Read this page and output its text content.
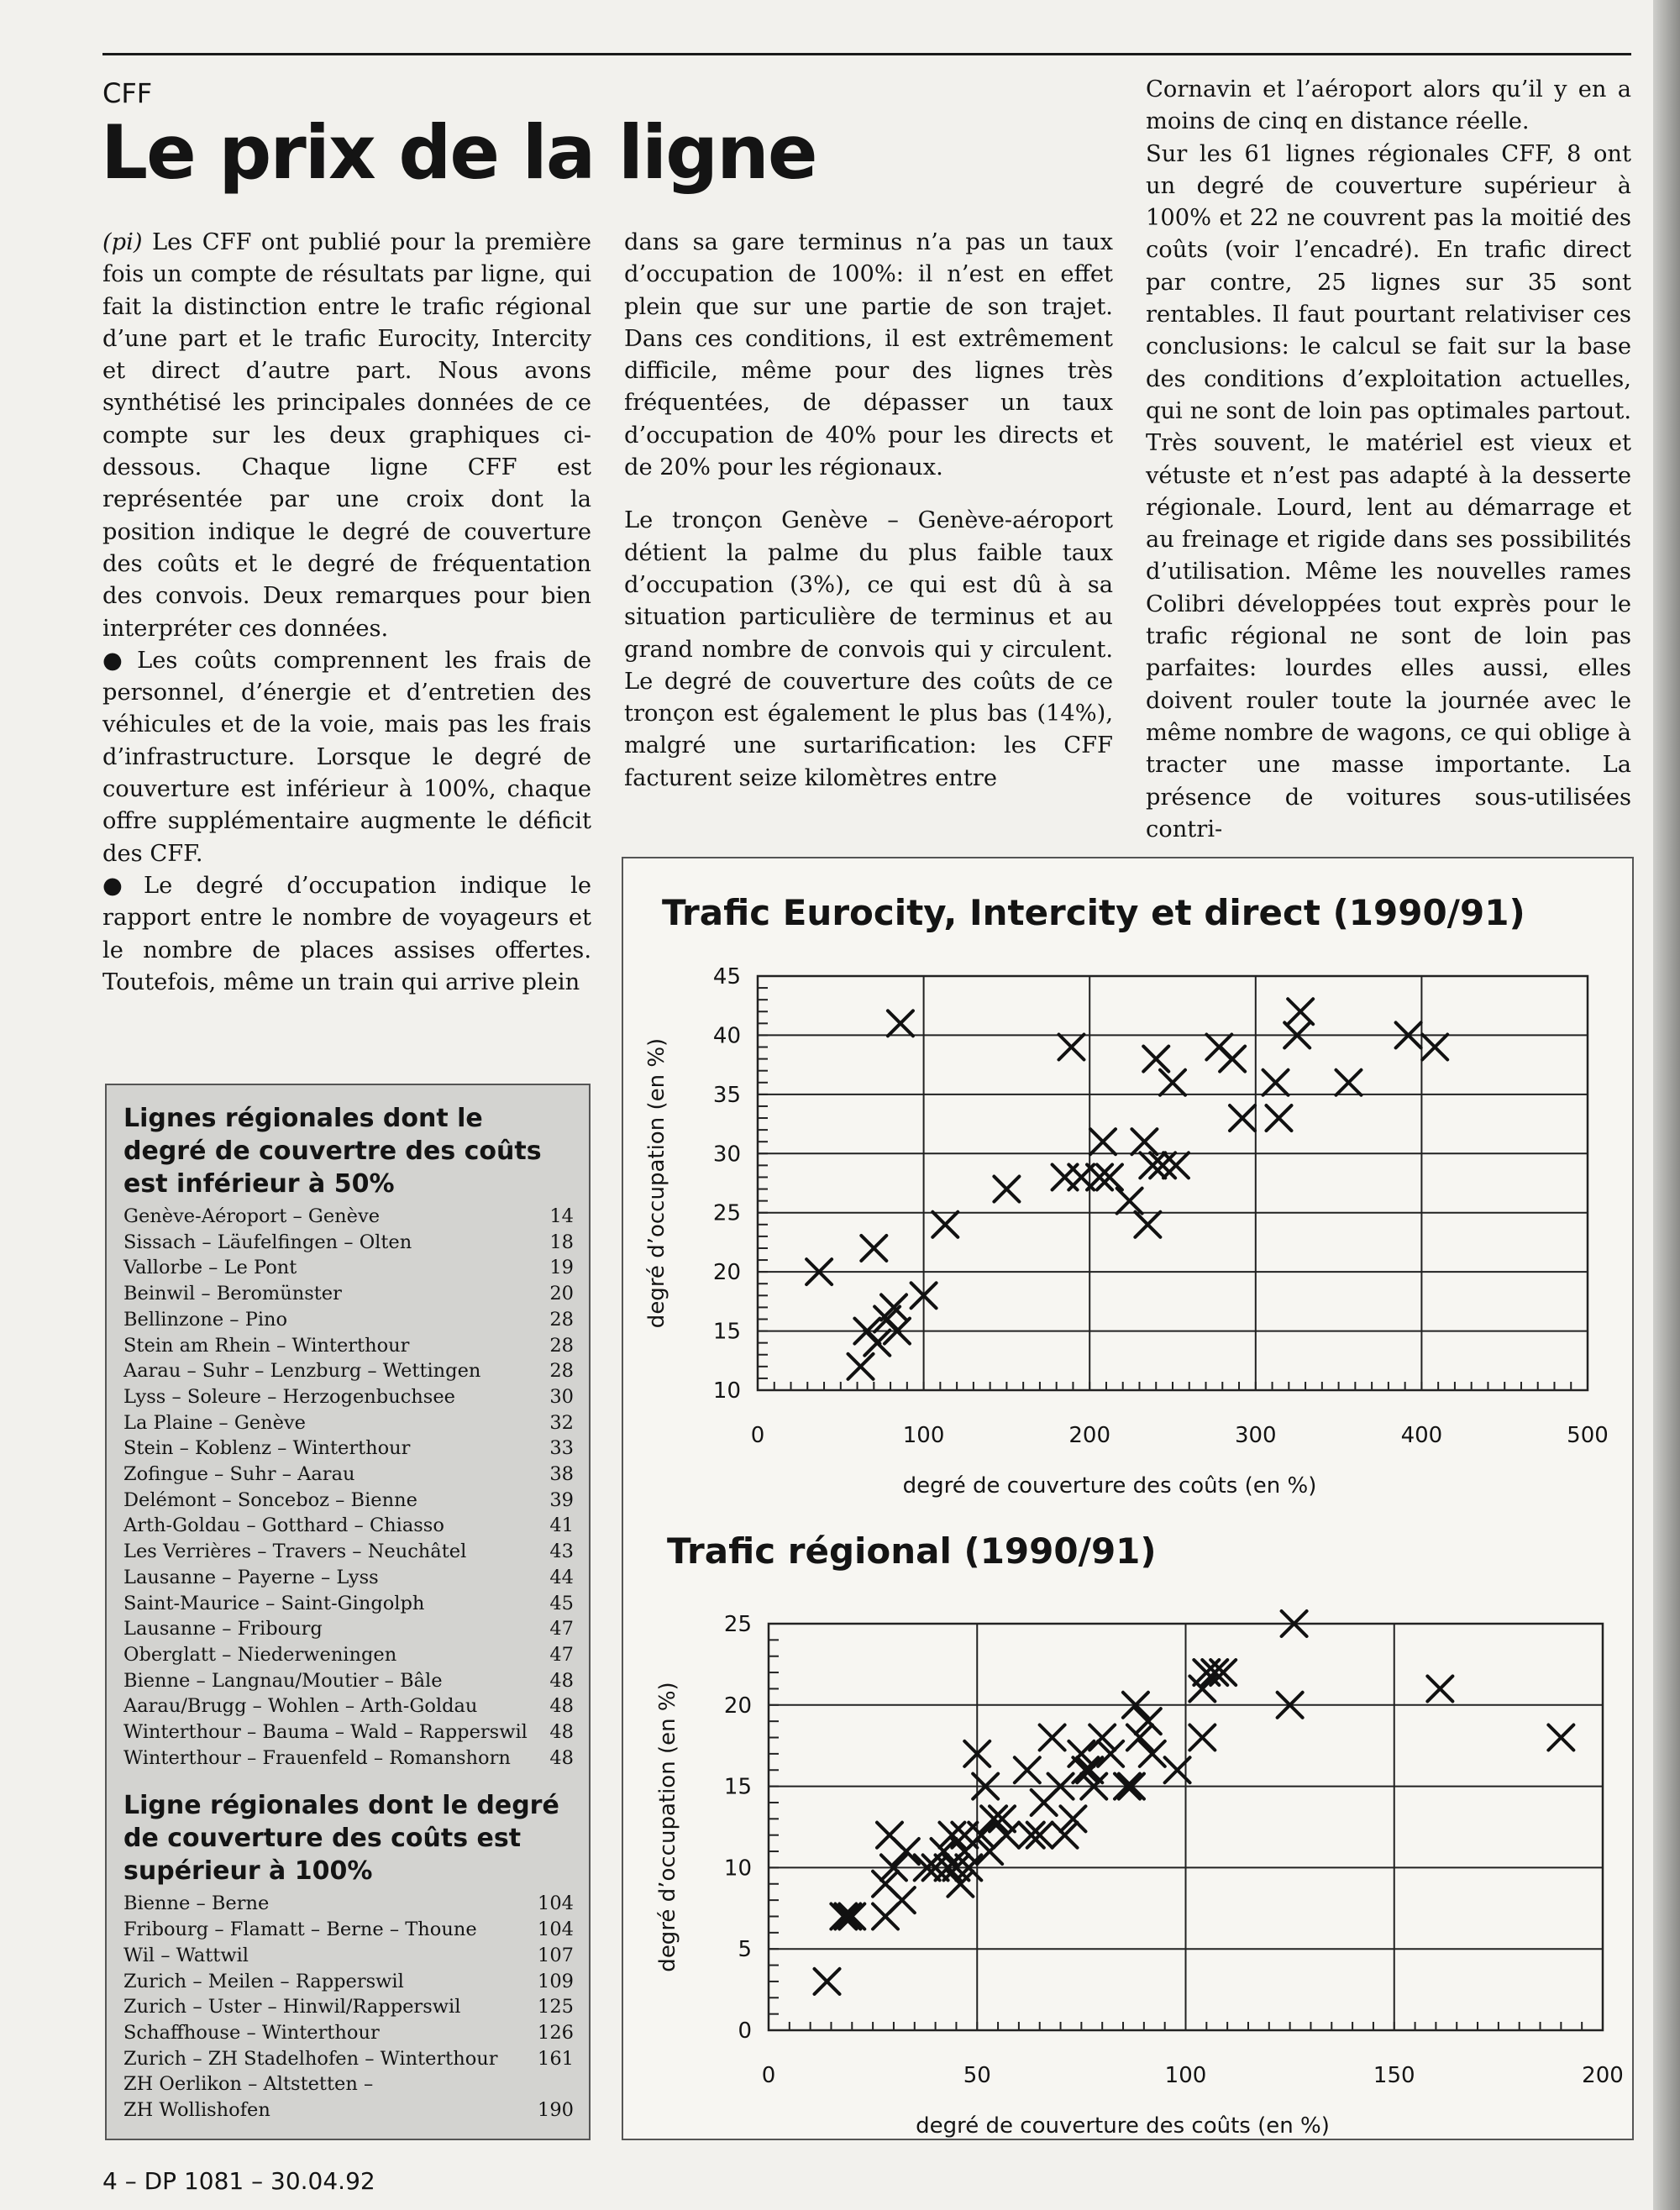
CFF
Le prix de la ligne

(pi) Les CFF ont publié pour la première fois un compte de résultats par ligne, qui fait la distinction entre le trafic régional d’une part et le trafic Eurocity, Intercity et direct d’autre part. Nous avons synthétisé les principales données de ce compte sur les deux graphiques ci-dessous. Chaque ligne CFF est représentée par une croix dont la position indique le degré de couverture des coûts et le degré de fréquentation des convois. Deux remarques pour bien interpréter ces données.

● Les coûts comprennent les frais de personnel, d’énergie et d’entretien des véhicules et de la voie, mais pas les frais d’infrastructure. Lorsque le degré de couverture est inférieur à 100%, chaque offre supplémentaire augmente le déficit des CFF.

● Le degré d’occupation indique le rapport entre le nombre de voyageurs et le nombre de places assises offertes. Toutefois, même un train qui arrive plein

dans sa gare terminus n’a pas un taux d’occupation de 100%: il n’est en effet plein que sur une partie de son trajet. Dans ces conditions, il est extrêmement difficile, même pour des lignes très fréquentées, de dépasser un taux d’occupation de 40% pour les directs et de 20% pour les régionaux.

Le tronçon Genève – Genève-aéroport détient la palme du plus faible taux d’occupation (3%), ce qui est dû à sa situation particulière de terminus et au grand nombre de convois qui y circulent. Le degré de couverture des coûts de ce tronçon est également le plus bas (14%), malgré une surtarification: les CFF facturent seize kilomètres entre

Cornavin et l’aéroport alors qu’il y en a moins de cinq en distance réelle.

Sur les 61 lignes régionales CFF, 8 ont un degré de couverture supérieur à 100% et 22 ne couvrent pas la moitié des coûts (voir l’encadré). En trafic direct par contre, 25 lignes sur 35 sont rentables. Il faut pourtant relativiser ces conclusions: le calcul se fait sur la base des conditions d’exploitation actuelles, qui ne sont de loin pas optimales partout. Très souvent, le matériel est vieux et vétuste et n’est pas adapté à la desserte régionale. Lourd, lent au démarrage et au freinage et rigide dans ses possibilités d’utilisation. Même les nouvelles rames Colibri développées tout exprès pour le trafic régional ne sont de loin pas parfaites: lourdes elles aussi, elles doivent rouler toute la journée avec le même nombre de wagons, ce qui oblige à tracter une masse importante. La présence de voitures sous-utilisées contri-

Lignes régionales dont le degré de couvertre des coûts est inférieur à 50%
Genève-Aéroport – Genève	14
Sissach – Läufelfingen – Olten	18
Vallorbe – Le Pont	19
Beinwil – Beromünster	20
Bellinzone – Pino	28
Stein am Rhein – Winterthour	28
Aarau – Suhr – Lenzburg – Wettingen	28
Lyss – Soleure – Herzogenbuchsee	30
La Plaine – Genève	32
Stein – Koblenz – Winterthour	33
Zofingue – Suhr – Aarau	38
Delémont – Sonceboz – Bienne	39
Arth-Goldau – Gotthard – Chiasso	41
Les Verrières – Travers – Neuchâtel	43
Lausanne – Payerne – Lyss	44
Saint-Maurice – Saint-Gingolph	45
Lausanne – Fribourg	47
Oberglatt – Niederweningen	47
Bienne – Langnau/Moutier – Bâle	48
Aarau/Brugg – Wohlen – Arth-Goldau	48
Winterthour – Bauma – Wald – Rapperswil	48
Winterthour – Frauenfeld – Romanshorn	48
Ligne régionales dont le degré de couverture des coûts est supérieur à 100%
Bienne – Berne	104
Fribourg – Flamatt – Berne – Thoune	104
Wil – Wattwil	107
Zurich – Meilen – Rapperswil	109
Zurich – Uster – Hinwil/Rapperswil	125
Schaffhouse – Winterthour	126
Zurich – ZH Stadelhofen – Winterthour 161
ZH Oerlikon – Altstetten –
ZH Wollishofen	190
Trafic Eurocity, Intercity et direct (1990/91)
Trafic régional (1990/91)
10
15
20
25
30
35
40
45
0	100	200	300	400	500
degré de couverture des coûts (en %)
degré d’occupation (en %)
0
5
10
15
20
25
0	50	100	150	200
degré de couverture des coûts (en %)
degré d’occupation (en %)
4 – DP 1081 – 30.04.92
